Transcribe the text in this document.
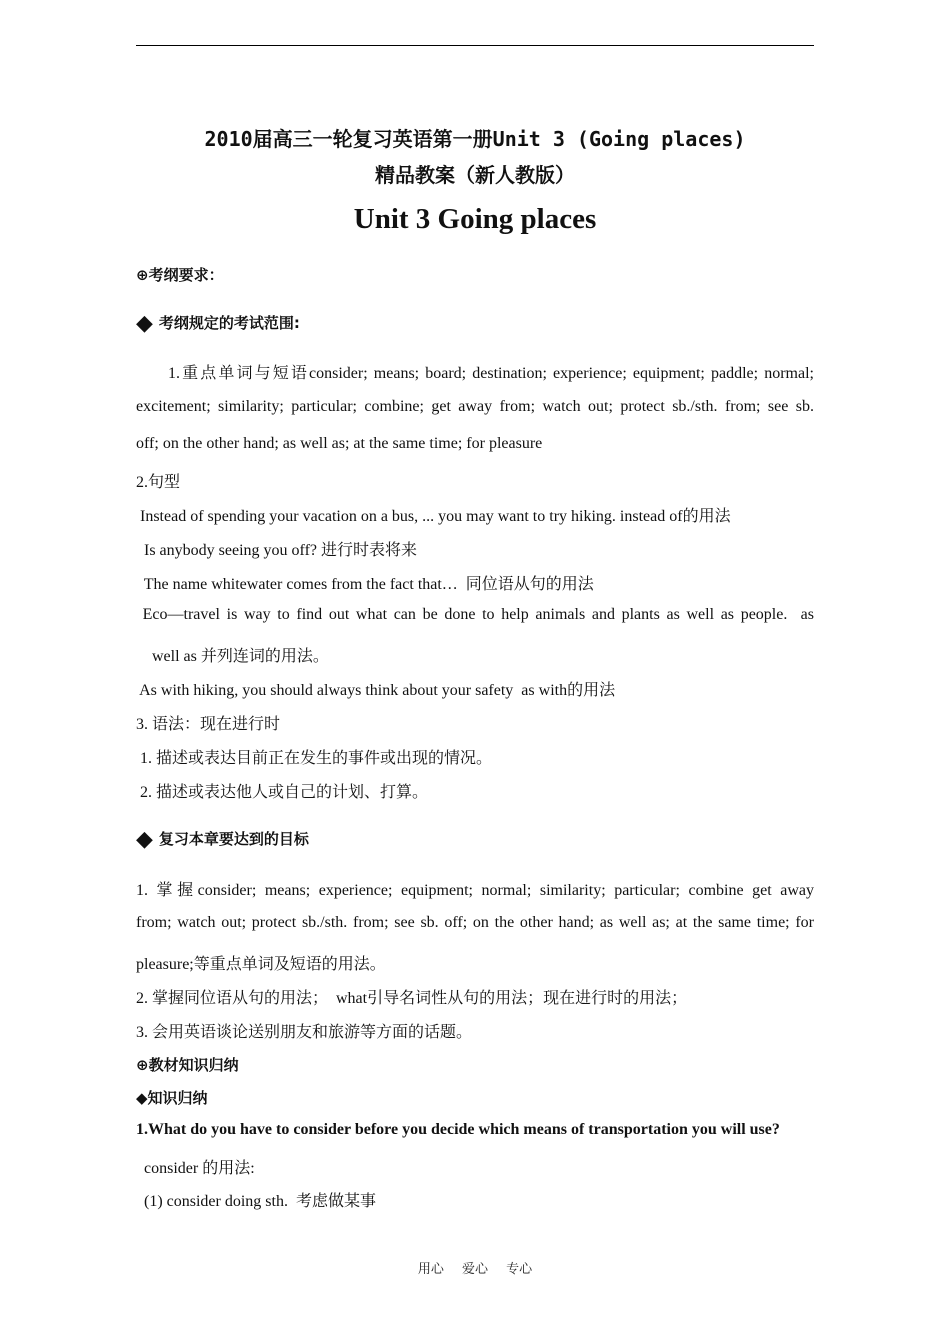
2010届高三一轮复习英语第一册Unit 3 (Going places)
精品教案（新人教版）
Unit 3 Going places
⊕考纲要求：
◆ 考纲规定的考试范围:
1.重点单词与短语consider; means; board; destination; experience; equipment; paddle; normal;
excitement; similarity; particular; combine; get away from; watch out; protect sb./sth. from; see sb.
off; on the other hand; as well as; at the same time; for pleasure
2.句型
Instead of spending your vacation on a bus, ... you may want to try hiking. instead of的用法
Is anybody seeing you off? 进行时表将来
The name whitewater comes from the fact that…  同位语从句的用法
Eco—travel is way to find out what can be done to help animals and plants as well as people.  as
well as 并列连词的用法。
As with hiking, you should always think about your safety  as with的用法
3. 语法：现在进行时
1. 描述或表达目前正在发生的事件或出现的情况。
2. 描述或表达他人或自己的计划、打算。
◆ 复习本章要达到的目标
1. 掌握consider; means; experience; equipment; normal; similarity; particular; combine get away
from; watch out; protect sb./sth. from; see sb. off; on the other hand; as well as; at the same time; for
pleasure;等重点单词及短语的用法。
2. 掌握同位语从句的用法；  what引导名词性从句的用法；现在进行时的用法；
3. 会用英语谈论送别朋友和旅游等方面的话题。
⊕教材知识归纳
◆知识归纳
1.What do you have to consider before you decide which means of transportation you will use?
consider 的用法:
(1) consider doing sth.  考虑做某事
用心 爱心 专心
